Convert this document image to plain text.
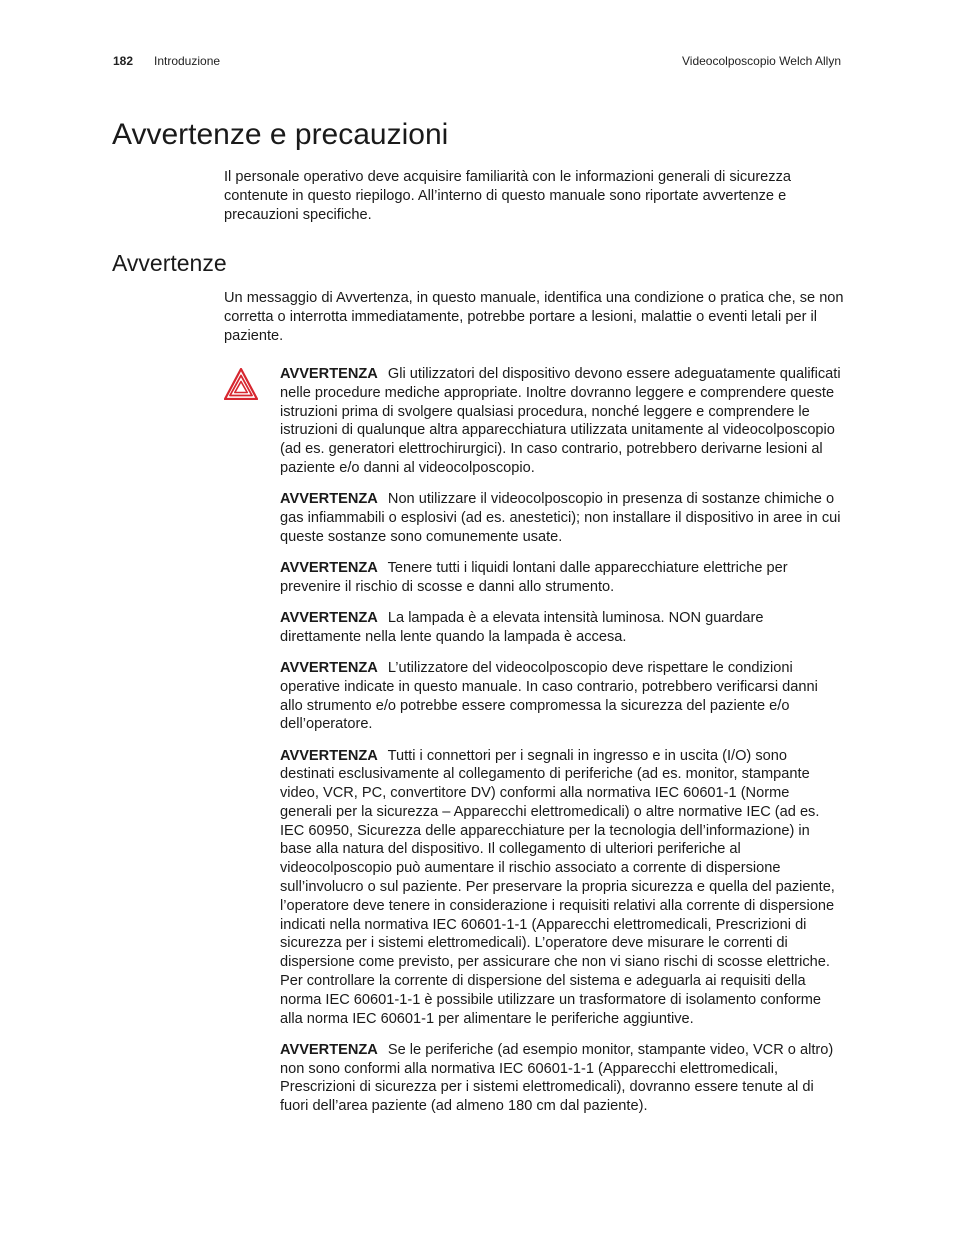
182 Introduzione	Videocolposcopio Welch Allyn
Avvertenze e precauzioni

Il personale operativo deve acquisire familiarità con le informazioni generali di sicurezza contenute in questo riepilogo. All’interno di questo manuale sono riportate avvertenze e precauzioni specifiche.

Avvertenze

Un messaggio di Avvertenza, in questo manuale, identifica una condizione o pratica che, se non corretta o interrotta immediatamente, potrebbe portare a lesioni, malattie o eventi letali per il paziente.

AVVERTENZA Gli utilizzatori del dispositivo devono essere adeguatamente qualificati nelle procedure mediche appropriate. Inoltre dovranno leggere e comprendere queste istruzioni prima di svolgere qualsiasi procedura, nonché leggere e comprendere le istruzioni di qualunque altra apparecchiatura utilizzata unitamente al videocolposcopio (ad es. generatori elettrochirurgici). In caso contrario, potrebbero derivarne lesioni al paziente e/o danni al videocolposcopio.

AVVERTENZA Non utilizzare il videocolposcopio in presenza di sostanze chimiche o gas infiammabili o esplosivi (ad es. anestetici); non installare il dispositivo in aree in cui queste sostanze sono comunemente usate.

AVVERTENZA Tenere tutti i liquidi lontani dalle apparecchiature elettriche per prevenire il rischio di scosse e danni allo strumento.

AVVERTENZA La lampada è a elevata intensità luminosa. NON guardare direttamente nella lente quando la lampada è accesa.

AVVERTENZA L’utilizzatore del videocolposcopio deve rispettare le condizioni operative indicate in questo manuale. In caso contrario, potrebbero verificarsi danni allo strumento e/o potrebbe essere compromessa la sicurezza del paziente e/o dell’operatore.

AVVERTENZA Tutti i connettori per i segnali in ingresso e in uscita (I/O) sono destinati esclusivamente al collegamento di periferiche (ad es. monitor, stampante video, VCR, PC, convertitore DV) conformi alla normativa IEC 60601-1 (Norme generali per la sicurezza – Apparecchi elettromedicali) o altre normative IEC (ad es. IEC 60950, Sicurezza delle apparecchiature per la tecnologia dell’informazione) in base alla natura del dispositivo. Il collegamento di ulteriori periferiche al videocolposcopio può aumentare il rischio associato a corrente di dispersione sull’involucro o sul paziente. Per preservare la propria sicurezza e quella del paziente, l’operatore deve tenere in considerazione i requisiti relativi alla corrente di dispersione indicati nella normativa IEC 60601-1-1 (Apparecchi elettromedicali, Prescrizioni di sicurezza per i sistemi elettromedicali). L’operatore deve misurare le correnti di dispersione come previsto, per assicurare che non vi siano rischi di scosse elettriche. Per controllare la corrente di dispersione del sistema e adeguarla ai requisiti della norma IEC 60601-1-1 è possibile utilizzare un trasformatore di isolamento conforme alla norma IEC 60601-1 per alimentare le periferiche aggiuntive.

AVVERTENZA Se le periferiche (ad esempio monitor, stampante video, VCR o altro) non sono conformi alla normativa IEC 60601-1-1 (Apparecchi elettromedicali, Prescrizioni di sicurezza per i sistemi elettromedicali), dovranno essere tenute al di fuori dell’area paziente (ad almeno 180 cm dal paziente).
